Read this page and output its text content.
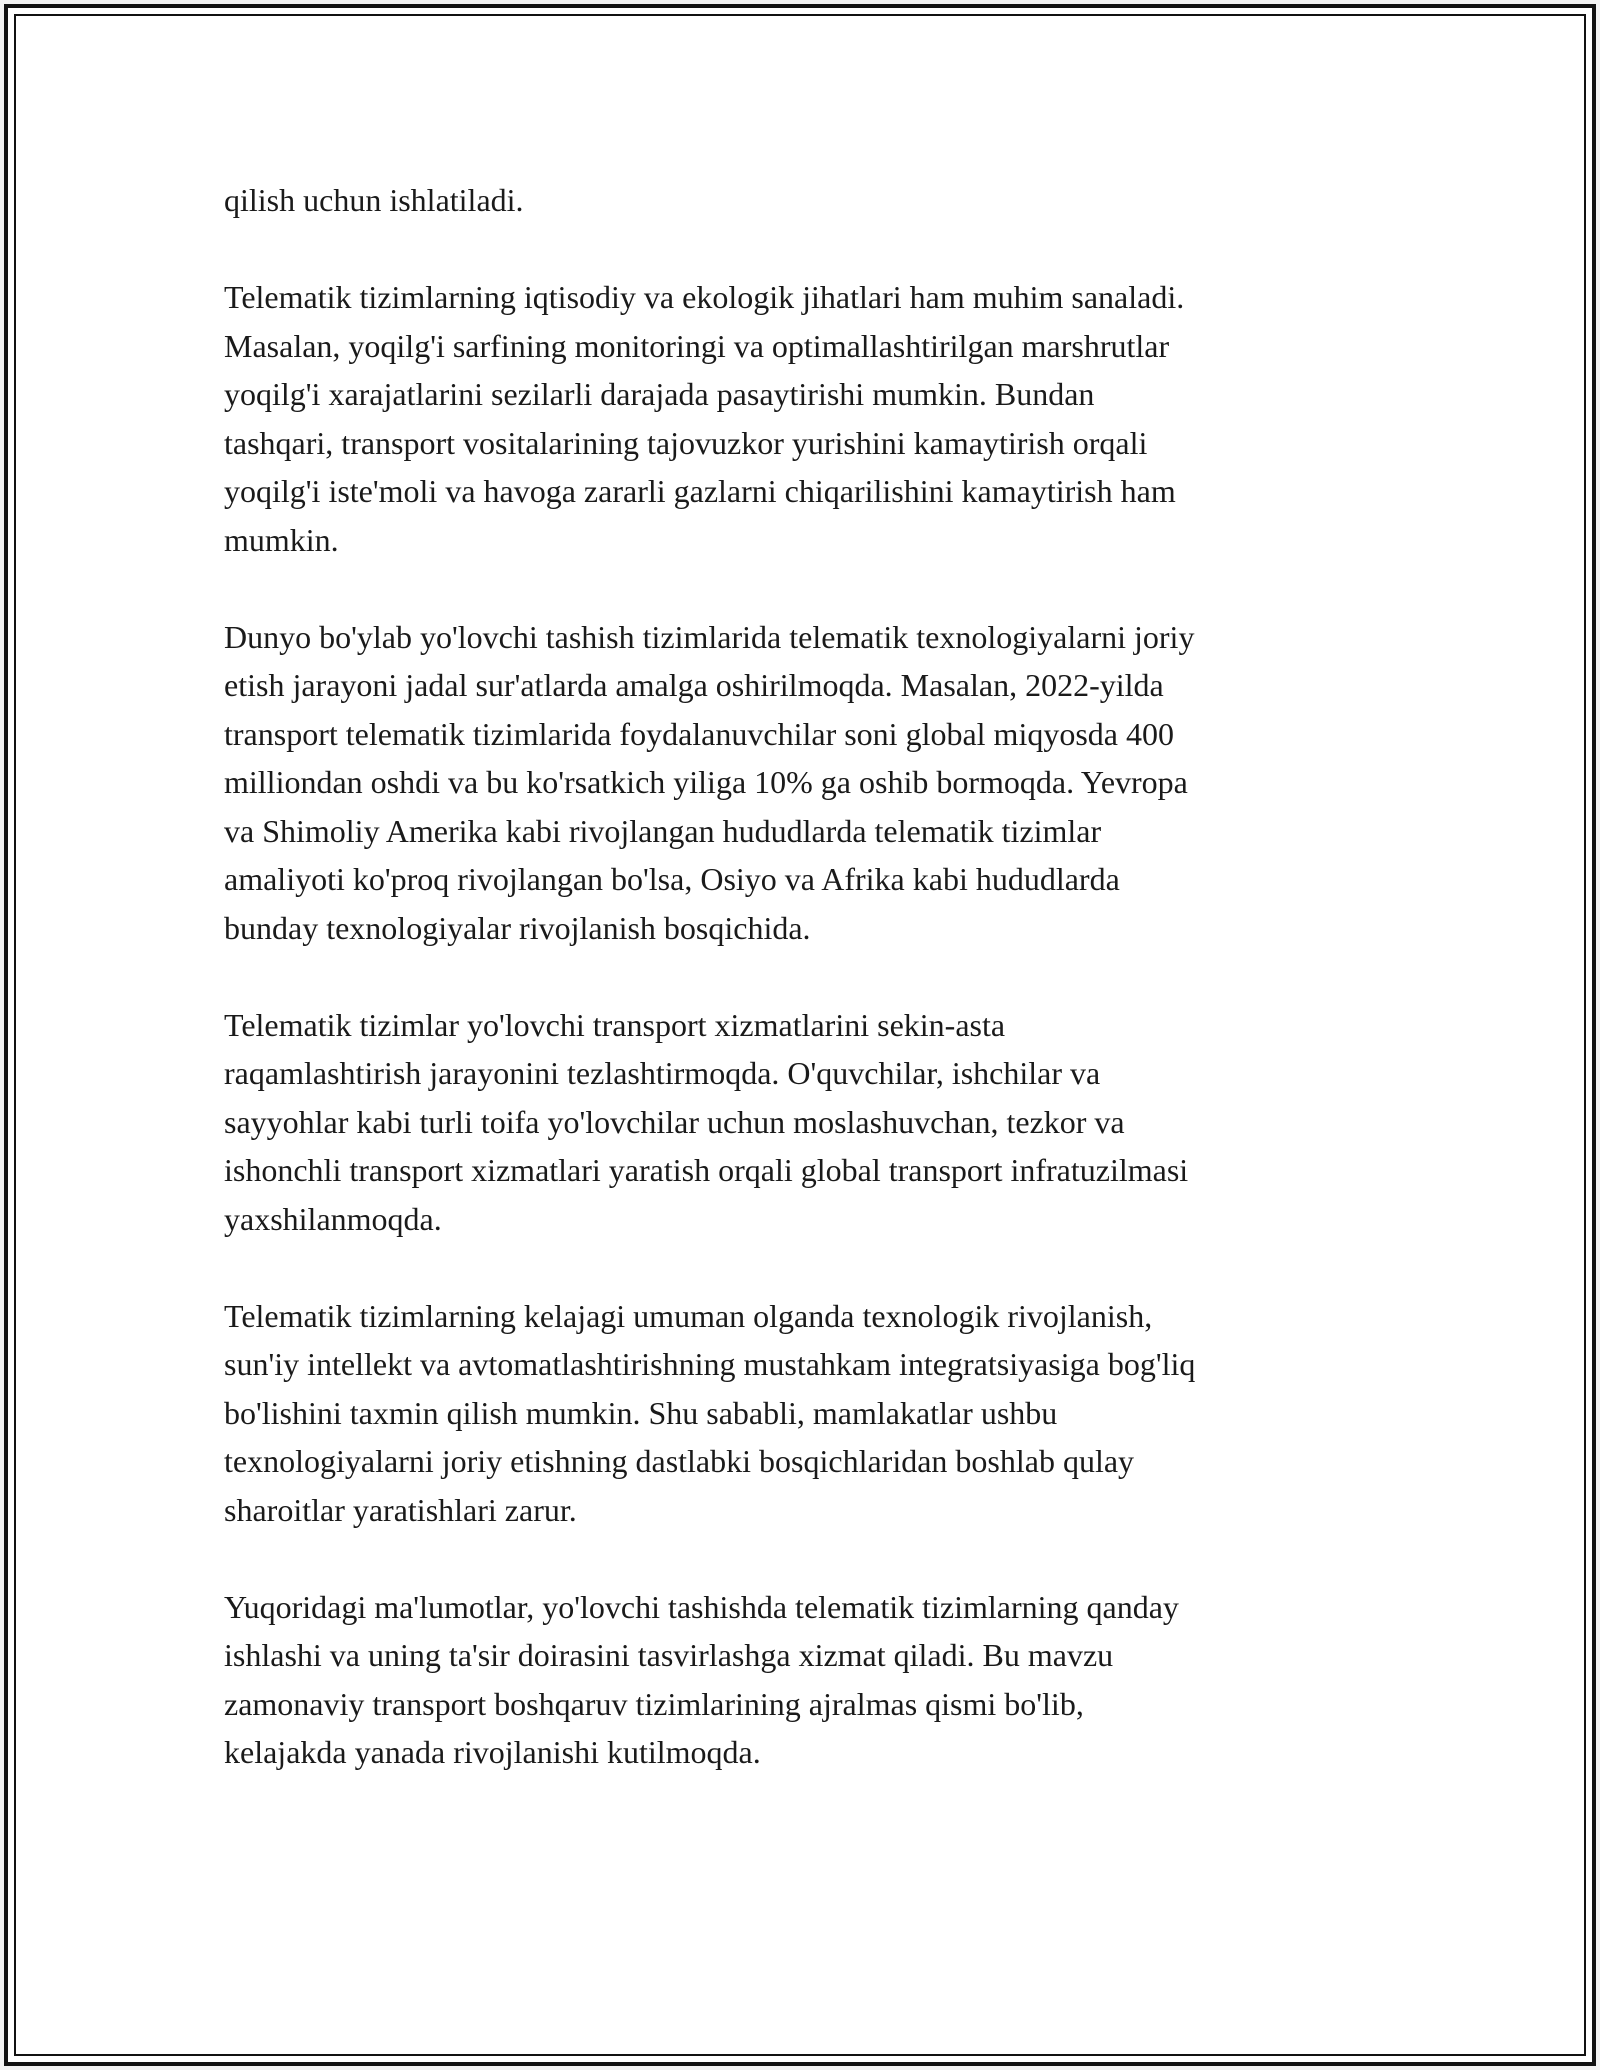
qilish uchun ishlatiladi.

Telematik tizimlarning iqtisodiy va ekologik jihatlari ham muhim sanaladi.
Masalan, yoqilg'i sarfining monitoringi va optimallashtirilgan marshrutlar
yoqilg'i xarajatlarini sezilarli darajada pasaytirishi mumkin. Bundan
tashqari, transport vositalarining tajovuzkor yurishini kamaytirish orqali
yoqilg'i iste'moli va havoga zararli gazlarni chiqarilishini kamaytirish ham
mumkin.

Dunyo bo'ylab yo'lovchi tashish tizimlarida telematik texnologiyalarni joriy
etish jarayoni jadal sur'atlarda amalga oshirilmoqda. Masalan, 2022-yilda
transport telematik tizimlarida foydalanuvchilar soni global miqyosda 400
milliondan oshdi va bu ko'rsatkich yiliga 10% ga oshib bormoqda. Yevropa
va Shimoliy Amerika kabi rivojlangan hududlarda telematik tizimlar
amaliyoti ko'proq rivojlangan bo'lsa, Osiyo va Afrika kabi hududlarda
bunday texnologiyalar rivojlanish bosqichida.

Telematik tizimlar yo'lovchi transport xizmatlarini sekin-asta
raqamlashtirish jarayonini tezlashtirmoqda. O'quvchilar, ishchilar va
sayyohlar kabi turli toifa yo'lovchilar uchun moslashuvchan, tezkor va
ishonchli transport xizmatlari yaratish orqali global transport infratuzilmasi
yaxshilanmoqda.

Telematik tizimlarning kelajagi umuman olganda texnologik rivojlanish,
sun'iy intellekt va avtomatlashtirishning mustahkam integratsiyasiga bog'liq
bo'lishini taxmin qilish mumkin. Shu sababli, mamlakatlar ushbu
texnologiyalarni joriy etishning dastlabki bosqichlaridan boshlab qulay
sharoitlar yaratishlari zarur.

Yuqoridagi ma'lumotlar, yo'lovchi tashishda telematik tizimlarning qanday
ishlashi va uning ta'sir doirasini tasvirlashga xizmat qiladi. Bu mavzu
zamonaviy transport boshqaruv tizimlarining ajralmas qismi bo'lib,
kelajakda yanada rivojlanishi kutilmoqda.
